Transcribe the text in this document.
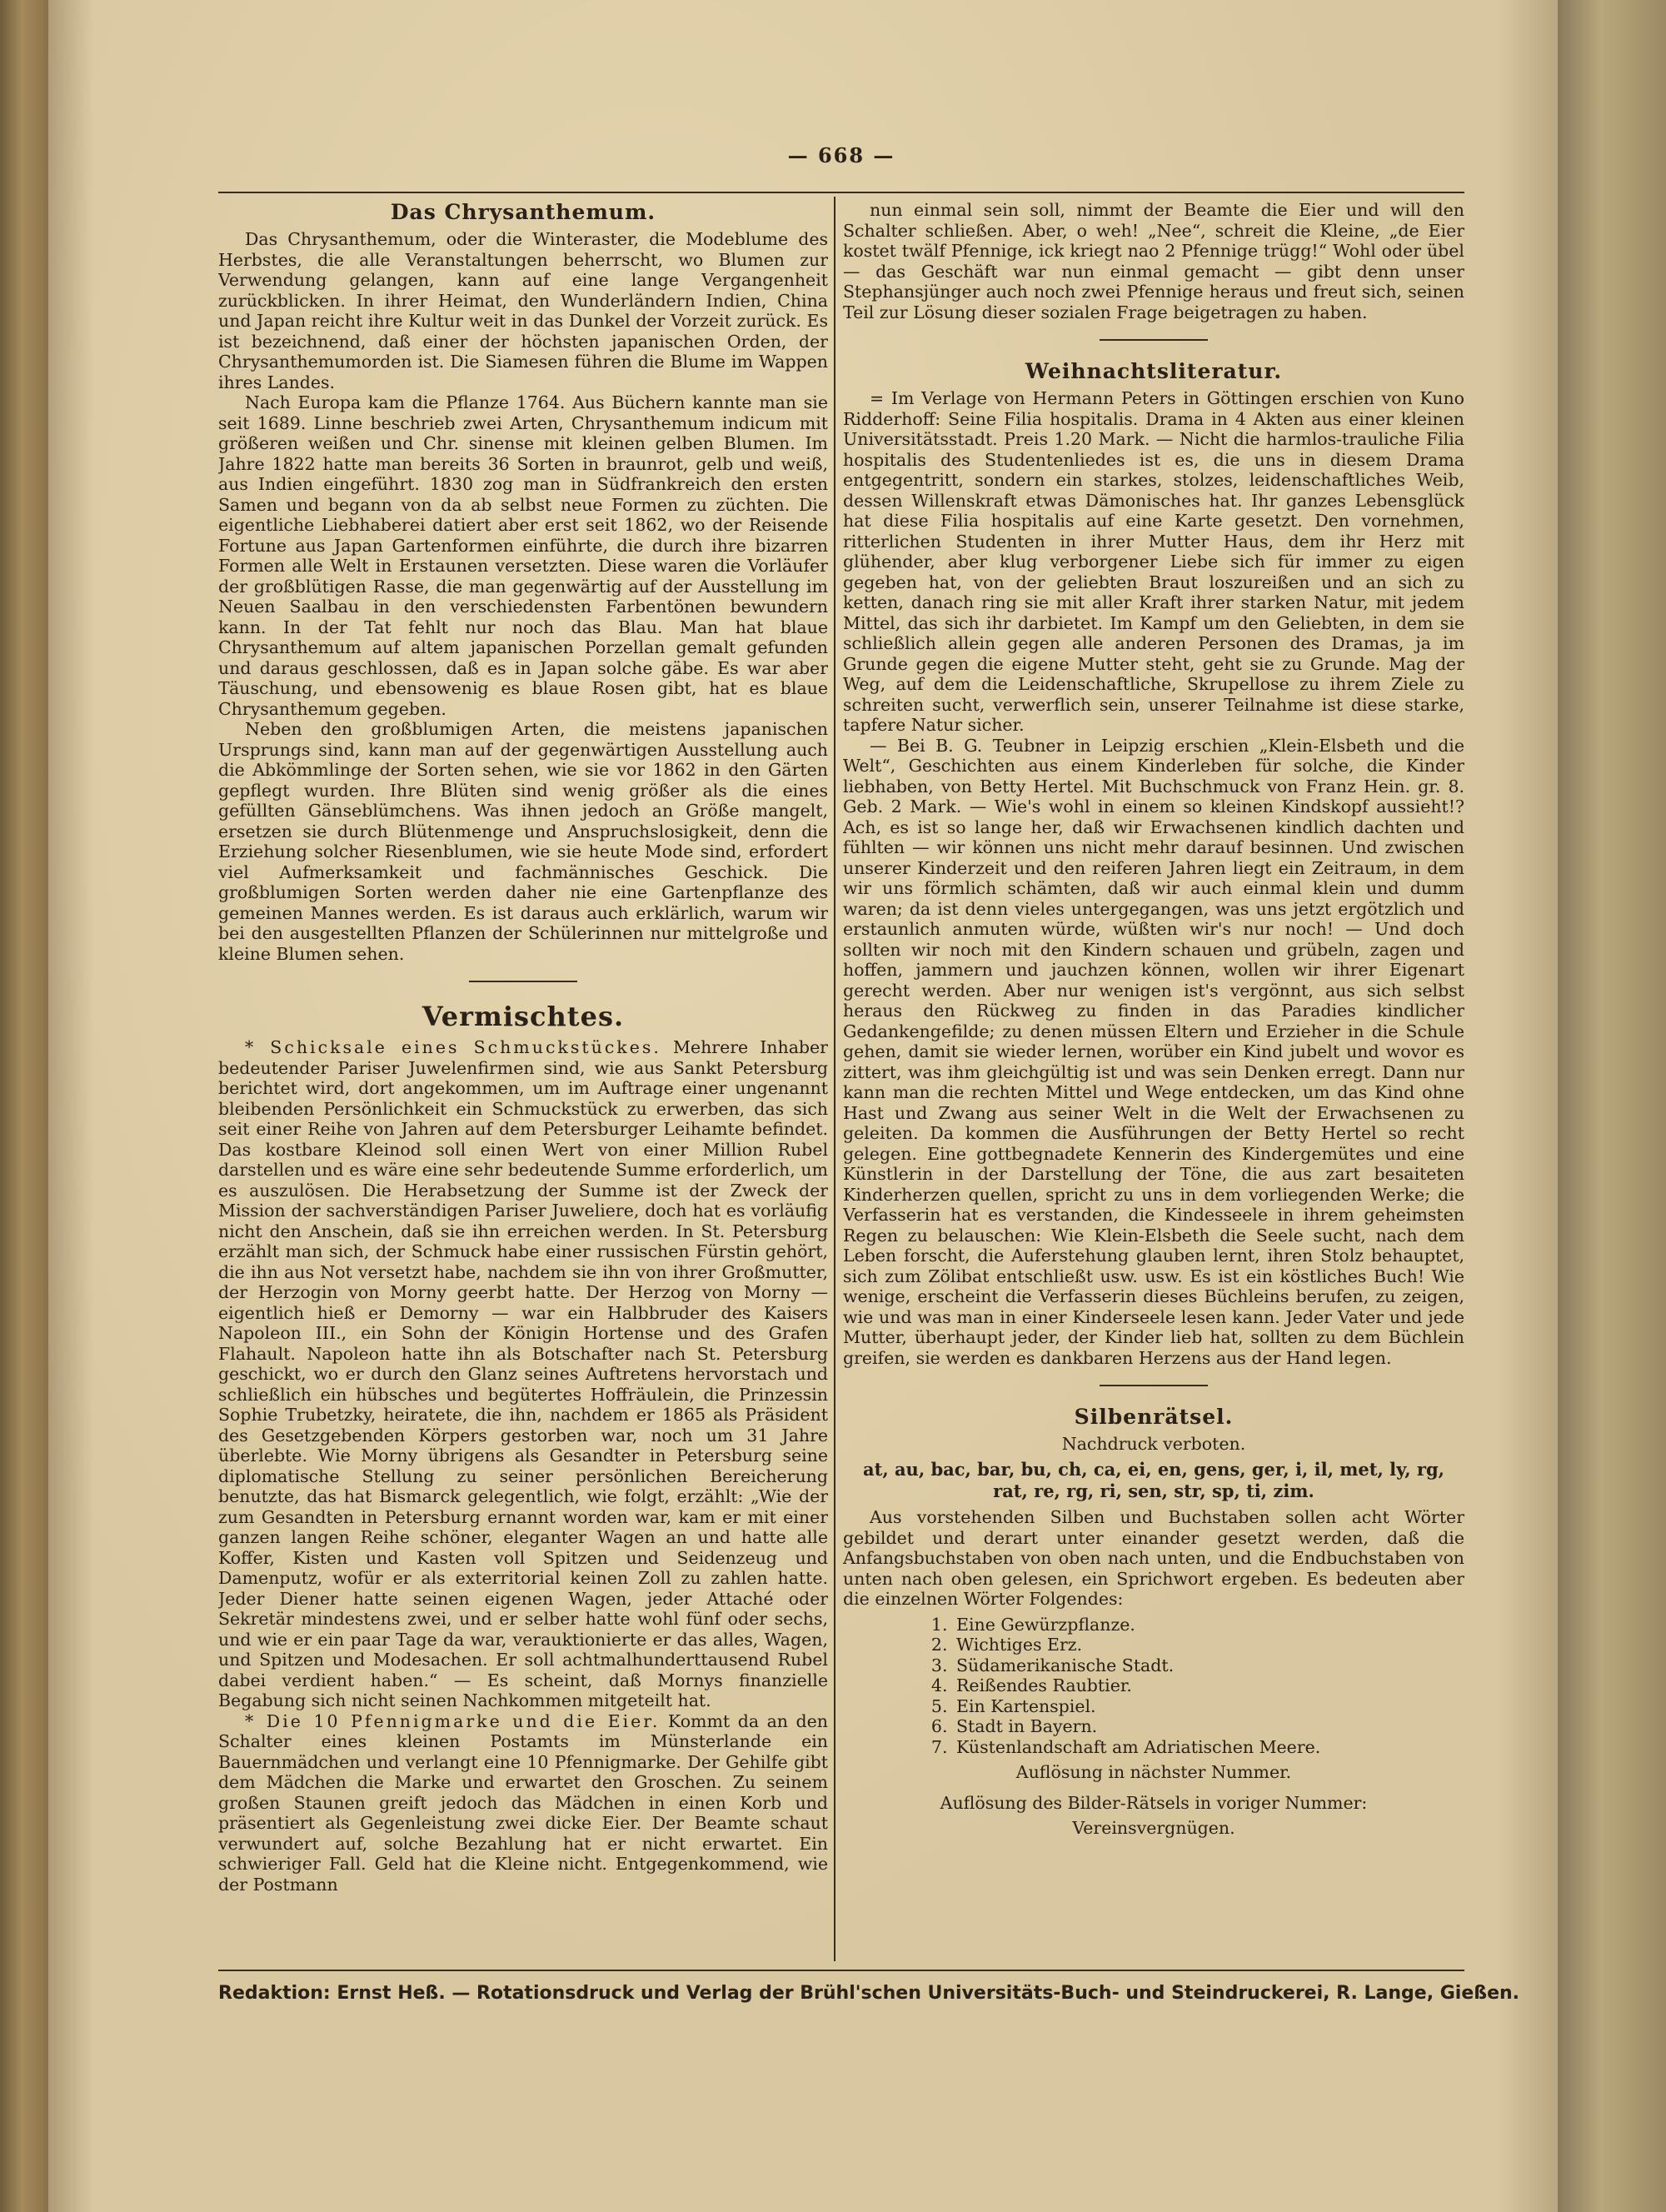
— 668 —
Das Chrysanthemum.

Das Chrysanthemum, oder die Winteraster, die Modeblume des Herbstes, die alle Veranstaltungen beherrscht, wo Blumen zur Verwendung gelangen, kann auf eine lange Vergangenheit zurückblicken. In ihrer Heimat, den Wunderländern Indien, China und Japan reicht ihre Kultur weit in das Dunkel der Vorzeit zurück. Es ist bezeichnend, daß einer der höchsten japanischen Orden, der Chrysanthemumorden ist. Die Siamesen führen die Blume im Wappen ihres Landes.

Nach Europa kam die Pflanze 1764. Aus Büchern kannte man sie seit 1689. Linne beschrieb zwei Arten, Chrysanthemum indicum mit größeren weißen und Chr. sinense mit kleinen gelben Blumen. Im Jahre 1822 hatte man bereits 36 Sorten in braunrot, gelb und weiß, aus Indien eingeführt. 1830 zog man in Südfrankreich den ersten Samen und begann von da ab selbst neue Formen zu züchten. Die eigentliche Liebhaberei datiert aber erst seit 1862, wo der Reisende Fortune aus Japan Gartenformen einführte, die durch ihre bizarren Formen alle Welt in Erstaunen versetzten. Diese waren die Vorläufer der großblütigen Rasse, die man gegenwärtig auf der Ausstellung im Neuen Saalbau in den verschiedensten Farbentönen bewundern kann. In der Tat fehlt nur noch das Blau. Man hat blaue Chrysanthemum auf altem japanischen Porzellan gemalt gefunden und daraus geschlossen, daß es in Japan solche gäbe. Es war aber Täuschung, und ebensowenig es blaue Rosen gibt, hat es blaue Chrysanthemum gegeben.

Neben den großblumigen Arten, die meistens japanischen Ursprungs sind, kann man auf der gegenwärtigen Ausstellung auch die Abkömmlinge der Sorten sehen, wie sie vor 1862 in den Gärten gepflegt wurden. Ihre Blüten sind wenig größer als die eines gefüllten Gänseblümchens. Was ihnen jedoch an Größe mangelt, ersetzen sie durch Blütenmenge und Anspruchslosigkeit, denn die Erziehung solcher Riesenblumen, wie sie heute Mode sind, erfordert viel Aufmerksamkeit und fachmännisches Geschick. Die großblumigen Sorten werden daher nie eine Gartenpflanze des gemeinen Mannes werden. Es ist daraus auch erklärlich, warum wir bei den ausgestellten Pflanzen der Schülerinnen nur mittelgroße und kleine Blumen sehen.

Vermischtes.

* Schicksale eines Schmuckstückes. Mehrere Inhaber bedeutender Pariser Juwelenfirmen sind, wie aus Sankt Petersburg berichtet wird, dort angekommen, um im Auftrage einer ungenannt bleibenden Persönlichkeit ein Schmuckstück zu erwerben, das sich seit einer Reihe von Jahren auf dem Petersburger Leihamte befindet. Das kostbare Kleinod soll einen Wert von einer Million Rubel darstellen und es wäre eine sehr bedeutende Summe erforderlich, um es auszulösen. Die Herabsetzung der Summe ist der Zweck der Mission der sachverständigen Pariser Juweliere, doch hat es vorläufig nicht den Anschein, daß sie ihn erreichen werden. In St. Petersburg erzählt man sich, der Schmuck habe einer russischen Fürstin gehört, die ihn aus Not versetzt habe, nachdem sie ihn von ihrer Großmutter, der Herzogin von Morny geerbt hatte. Der Herzog von Morny — eigentlich hieß er Demorny — war ein Halbbruder des Kaisers Napoleon III., ein Sohn der Königin Hortense und des Grafen Flahault. Napoleon hatte ihn als Botschafter nach St. Petersburg geschickt, wo er durch den Glanz seines Auftretens hervorstach und schließlich ein hübsches und begütertes Hoffräulein, die Prinzessin Sophie Trubetzky, heiratete, die ihn, nachdem er 1865 als Präsident des Gesetzgebenden Körpers gestorben war, noch um 31 Jahre überlebte. Wie Morny übrigens als Gesandter in Petersburg seine diplomatische Stellung zu seiner persönlichen Bereicherung benutzte, das hat Bismarck gelegentlich, wie folgt, erzählt: „Wie der zum Gesandten in Petersburg ernannt worden war, kam er mit einer ganzen langen Reihe schöner, eleganter Wagen an und hatte alle Koffer, Kisten und Kasten voll Spitzen und Seidenzeug und Damenputz, wofür er als exterritorial keinen Zoll zu zahlen hatte. Jeder Diener hatte seinen eigenen Wagen, jeder Attaché oder Sekretär mindestens zwei, und er selber hatte wohl fünf oder sechs, und wie er ein paar Tage da war, verauktionierte er das alles, Wagen, und Spitzen und Modesachen. Er soll achtmalhunderttausend Rubel dabei verdient haben.“ — Es scheint, daß Mornys finanzielle Begabung sich nicht seinen Nachkommen mitgeteilt hat.

* Die 10 Pfennigmarke und die Eier. Kommt da an den Schalter eines kleinen Postamts im Münsterlande ein Bauernmädchen und verlangt eine 10 Pfennigmarke. Der Gehilfe gibt dem Mädchen die Marke und erwartet den Groschen. Zu seinem großen Staunen greift jedoch das Mädchen in einen Korb und präsentiert als Gegenleistung zwei dicke Eier. Der Beamte schaut verwundert auf, solche Bezahlung hat er nicht erwartet. Ein schwieriger Fall. Geld hat die Kleine nicht. Entgegenkommend, wie der Postmann

nun einmal sein soll, nimmt der Beamte die Eier und will den Schalter schließen. Aber, o weh! „Nee“, schreit die Kleine, „de Eier kostet twälf Pfennige, ick kriegt nao 2 Pfennige trügg!“ Wohl oder übel — das Geschäft war nun einmal gemacht — gibt denn unser Stephansjünger auch noch zwei Pfennige heraus und freut sich, seinen Teil zur Lösung dieser sozialen Frage beigetragen zu haben.

Weihnachtsliteratur.

= Im Verlage von Hermann Peters in Göttingen erschien von Kuno Ridderhoff: Seine Filia hospitalis. Drama in 4 Akten aus einer kleinen Universitätsstadt. Preis 1.20 Mark. — Nicht die harmlos-trauliche Filia hospitalis des Studentenliedes ist es, die uns in diesem Drama entgegentritt, sondern ein starkes, stolzes, leidenschaftliches Weib, dessen Willenskraft etwas Dämonisches hat. Ihr ganzes Lebensglück hat diese Filia hospitalis auf eine Karte gesetzt. Den vornehmen, ritterlichen Studenten in ihrer Mutter Haus, dem ihr Herz mit glühender, aber klug verborgener Liebe sich für immer zu eigen gegeben hat, von der geliebten Braut loszureißen und an sich zu ketten, danach ring sie mit aller Kraft ihrer starken Natur, mit jedem Mittel, das sich ihr darbietet. Im Kampf um den Geliebten, in dem sie schließlich allein gegen alle anderen Personen des Dramas, ja im Grunde gegen die eigene Mutter steht, geht sie zu Grunde. Mag der Weg, auf dem die Leidenschaftliche, Skrupellose zu ihrem Ziele zu schreiten sucht, verwerflich sein, unserer Teilnahme ist diese starke, tapfere Natur sicher.

— Bei B. G. Teubner in Leipzig erschien „Klein-Elsbeth und die Welt“, Geschichten aus einem Kinderleben für solche, die Kinder liebhaben, von Betty Hertel. Mit Buchschmuck von Franz Hein. gr. 8. Geb. 2 Mark. — Wie's wohl in einem so kleinen Kindskopf aussieht!? Ach, es ist so lange her, daß wir Erwachsenen kindlich dachten und fühlten — wir können uns nicht mehr darauf besinnen. Und zwischen unserer Kinderzeit und den reiferen Jahren liegt ein Zeitraum, in dem wir uns förmlich schämten, daß wir auch einmal klein und dumm waren; da ist denn vieles untergegangen, was uns jetzt ergötzlich und erstaunlich anmuten würde, wüßten wir's nur noch! — Und doch sollten wir noch mit den Kindern schauen und grübeln, zagen und hoffen, jammern und jauchzen können, wollen wir ihrer Eigenart gerecht werden. Aber nur wenigen ist's vergönnt, aus sich selbst heraus den Rückweg zu finden in das Paradies kindlicher Gedankengefilde; zu denen müssen Eltern und Erzieher in die Schule gehen, damit sie wieder lernen, worüber ein Kind jubelt und wovor es zittert, was ihm gleichgültig ist und was sein Denken erregt. Dann nur kann man die rechten Mittel und Wege entdecken, um das Kind ohne Hast und Zwang aus seiner Welt in die Welt der Erwachsenen zu geleiten. Da kommen die Ausführungen der Betty Hertel so recht gelegen. Eine gottbegnadete Kennerin des Kindergemütes und eine Künstlerin in der Darstellung der Töne, die aus zart besaiteten Kinderherzen quellen, spricht zu uns in dem vorliegenden Werke; die Verfasserin hat es verstanden, die Kindesseele in ihrem geheimsten Regen zu belauschen: Wie Klein-Elsbeth die Seele sucht, nach dem Leben forscht, die Auferstehung glauben lernt, ihren Stolz behauptet, sich zum Zölibat entschließt usw. usw. Es ist ein köstliches Buch! Wie wenige, erscheint die Verfasserin dieses Büchleins berufen, zu zeigen, wie und was man in einer Kinderseele lesen kann. Jeder Vater und jede Mutter, überhaupt jeder, der Kinder lieb hat, sollten zu dem Büchlein greifen, sie werden es dankbaren Herzens aus der Hand legen.

Silbenrätsel.
Nachdruck verboten.
at, au, bac, bar, bu, ch, ca, ei, en, gens, ger, i, il, met, ly, rg, rat, re, rg, ri, sen, str, sp, ti, zim.

Aus vorstehenden Silben und Buchstaben sollen acht Wörter gebildet und derart unter einander gesetzt werden, daß die Anfangsbuchstaben von oben nach unten, und die Endbuchstaben von unten nach oben gelesen, ein Sprichwort ergeben. Es bedeuten aber die einzelnen Wörter Folgendes:

1. Eine Gewürzpflanze.
2. Wichtiges Erz.
3. Südamerikanische Stadt.
4. Reißendes Raubtier.
5. Ein Kartenspiel.
6. Stadt in Bayern.
7. Küstenlandschaft am Adriatischen Meere.
Auflösung in nächster Nummer.
Auflösung des Bilder-Rätsels in voriger Nummer:
Vereinsvergnügen.
Redaktion: Ernst Heß. — Rotationsdruck und Verlag der Brühl'schen Universitäts-Buch- und Steindruckerei, R. Lange, Gießen.
